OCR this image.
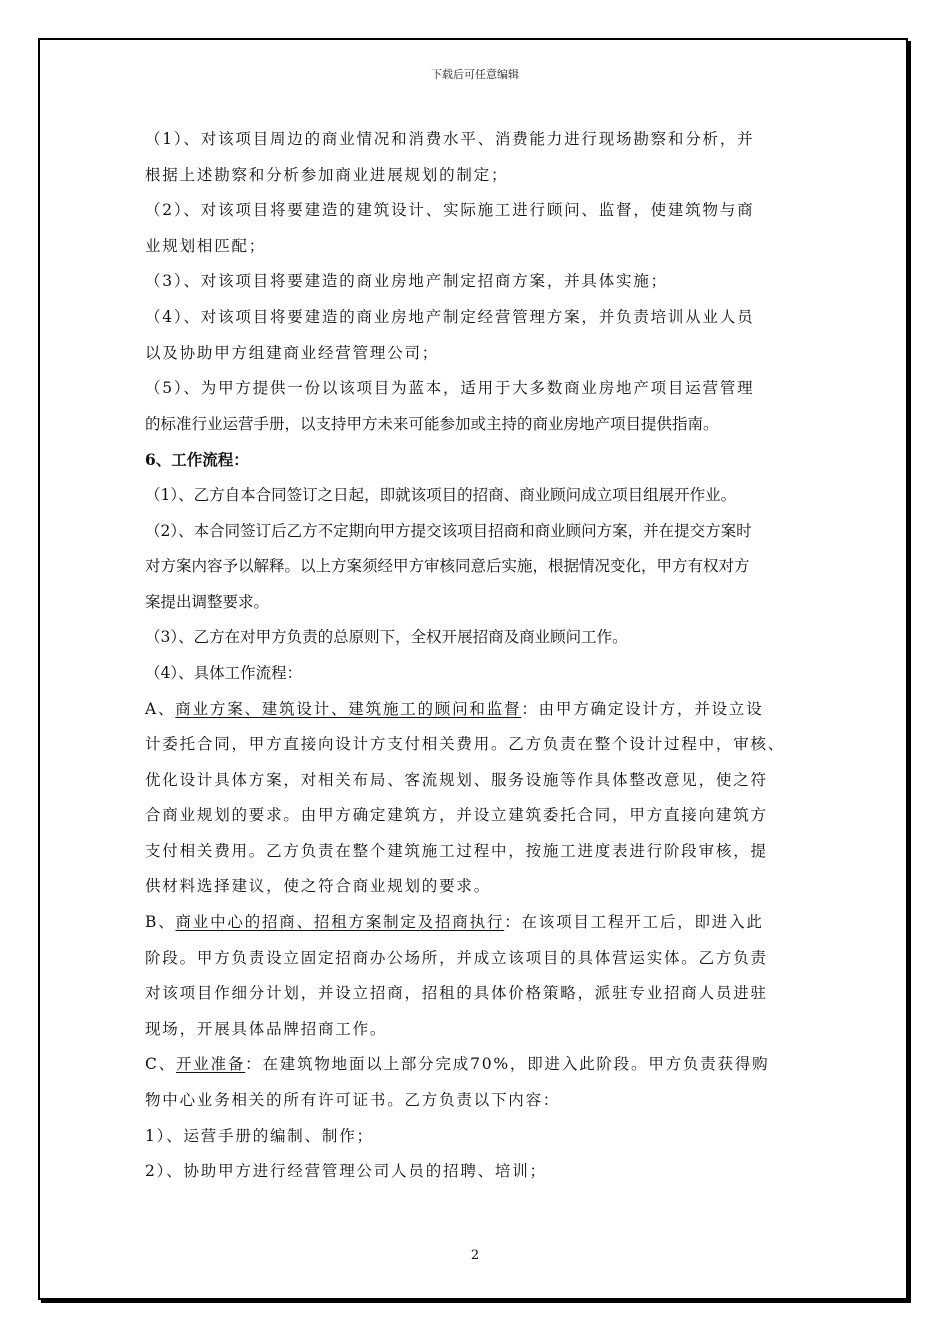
下载后可任意编辑
（1）、对该项目周边的商业情况和消费水平、消费能力进行现场勘察和分析，并
根据上述勘察和分析参加商业进展规划的制定；
（2）、对该项目将要建造的建筑设计、实际施工进行顾问、监督，使建筑物与商
业规划相匹配；
（3）、对该项目将要建造的商业房地产制定招商方案，并具体实施；
（4）、对该项目将要建造的商业房地产制定经营管理方案，并负责培训从业人员
以及协助甲方组建商业经营管理公司；
（5）、为甲方提供一份以该项目为蓝本，适用于大多数商业房地产项目运营管理
的标准行业运营手册，以支持甲方未来可能参加或主持的商业房地产项目提供指南。
6、工作流程：
（1）、乙方自本合同签订之日起，即就该项目的招商、商业顾问成立项目组展开作业。
（2）、本合同签订后乙方不定期向甲方提交该项目招商和商业顾问方案，并在提交方案时
对方案内容予以解释。以上方案须经甲方审核同意后实施，根据情况变化，甲方有权对方
案提出调整要求。
（3）、乙方在对甲方负责的总原则下，全权开展招商及商业顾问工作。
（4）、具体工作流程：
A、商业方案、建筑设计、建筑施工的顾问和监督：由甲方确定设计方，并设立设
计委托合同，甲方直接向设计方支付相关费用。乙方负责在整个设计过程中，审核、
优化设计具体方案，对相关布局、客流规划、服务设施等作具体整改意见，使之符
合商业规划的要求。由甲方确定建筑方，并设立建筑委托合同，甲方直接向建筑方
支付相关费用。乙方负责在整个建筑施工过程中，按施工进度表进行阶段审核，提
供材料选择建议，使之符合商业规划的要求。
B、商业中心的招商、招租方案制定及招商执行：在该项目工程开工后，即进入此
阶段。甲方负责设立固定招商办公场所，并成立该项目的具体营运实体。乙方负责
对该项目作细分计划，并设立招商，招租的具体价格策略，派驻专业招商人员进驻
现场，开展具体品牌招商工作。
C、开业准备：在建筑物地面以上部分完成70%，即进入此阶段。甲方负责获得购
物中心业务相关的所有许可证书。乙方负责以下内容：
1）、运营手册的编制、制作；
2）、协助甲方进行经营管理公司人员的招聘、培训；
2
